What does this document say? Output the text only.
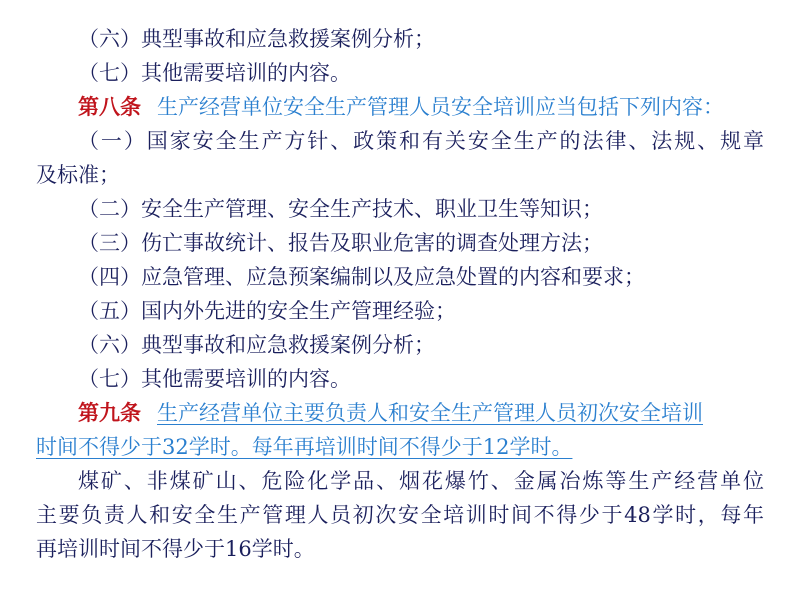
（六）典型事故和应急救援案例分析；
（七）其他需要培训的内容。
第八条 生产经营单位安全生产管理人员安全培训应当包括下列内容：
（一）国家安全生产方针、政策和有关安全生产的法律、法规、规章
及标准；
（二）安全生产管理、安全生产技术、职业卫生等知识；
（三）伤亡事故统计、报告及职业危害的调查处理方法；
（四）应急管理、应急预案编制以及应急处置的内容和要求；
（五）国内外先进的安全生产管理经验；
（六）典型事故和应急救援案例分析；
（七）其他需要培训的内容。
第九条 生产经营单位主要负责人和安全生产管理人员初次安全培训
时间不得少于32学时。每年再培训时间不得少于12学时。
煤矿、非煤矿山、危险化学品、烟花爆竹、金属冶炼等生产经营单位
主要负责人和安全生产管理人员初次安全培训时间不得少于48学时，每年
再培训时间不得少于16学时。
